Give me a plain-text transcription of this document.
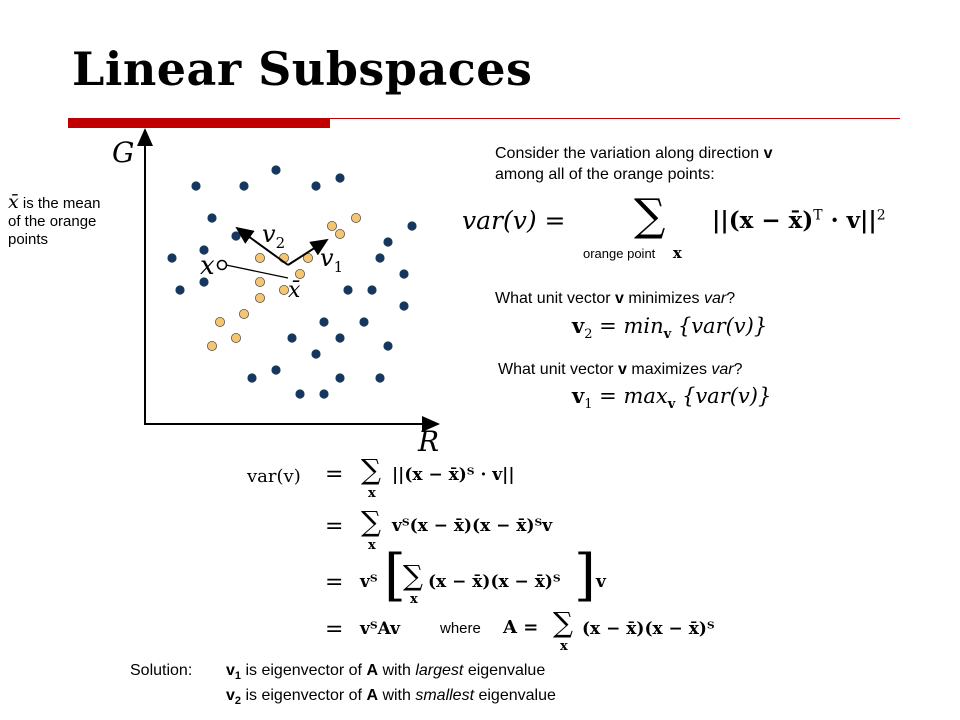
Linear Subspaces
G
R
$v_2$
$v_1$
x
x̄
x̄ is the mean
of the orange
points
Consider the variation along direction v
among all of the orange points:
var(v) = ∑
orange point x
||(x − x̄)$^T$ · $v||^2$
What unit vector v minimizes var?
$v_2 = \min_v \{var(v)\}$
What unit vector v maximizes var?
$v_1 = \max_v \{var(v)\}$
var(v) = ∑
x
||(x − x̄)ᵀ · v||
= ∑
x
vᵀ(x − x̄)(x − x̄)ᵀv
= vᵀ [
∑
x
(x − x̄)(x − x̄)ᵀ ] v
= vᵀAv	where A = ∑
x
(x − x̄)(x − x̄)ᵀ
Solution: $v_1$ is eigenvector of A with largest eigenvalue
$v_2$ is eigenvector of A with smallest eigenvalue
